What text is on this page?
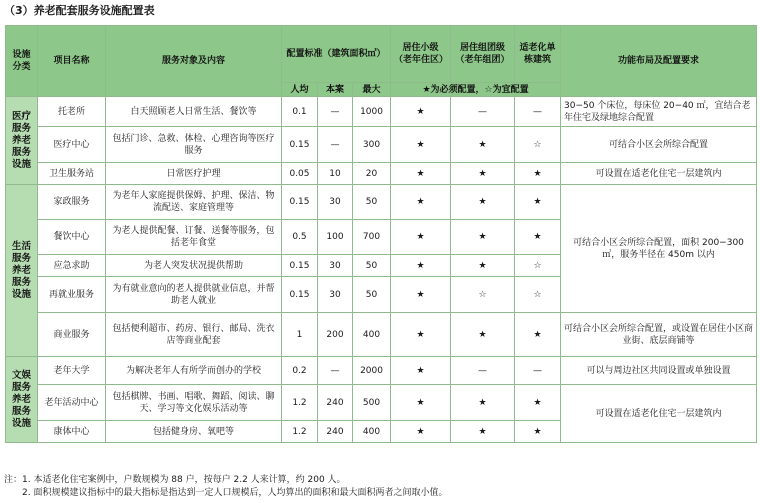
（3）养老配套服务设施配置表
设施分类	项目名称	服务对象及内容	配置标准（建筑面积㎡）			居住小级（老年住区）	居住组团级（老年组团）	适老化单栋建筑	功能布局及配置要求
			人均	本案	最大	★为必须配置，☆为宜配置			
医疗服务养老服务设施	托老所	白天照顾老人日常生活、餐饮等	0.1	—	1000	★	—	—	30−50 个床位，每床位 20−40 ㎡，宜结合老年住宅及绿地综合配置
	医疗中心	包括门诊、急救、体检、心理咨询等医疗服务	0.15	—	300	★	★	☆	可结合小区会所综合配置
	卫生服务站	日常医疗护理	0.05	10	20	★	★	★	可设置在适老化住宅一层建筑内
生活服务养老服务设施	家政服务	为老年人家庭提供保姆、护理、保洁、物流配送、家庭管理等	0.15	30	50	★	★	★	可结合小区会所综合配置，面积 200−300 ㎡，服务半径在 450m 以内
	餐饮中心	为老人提供配餐、订餐、送餐等服务，包括老年食堂	0.5	100	700	★	★	★	
	应急求助	为老人突发状况提供帮助	0.15	30	50	★	★	☆	
	再就业服务	为有就业意向的老人提供就业信息，并帮助老人就业	0.15	30	50	★	☆	☆	
	商业服务	包括便利超市、药房、银行、邮局、洗衣店等商业配套	1	200	400	★	★	★	可结合小区会所综合配置，或设置在居住小区商业街、底层商铺等
文娱服务养老服务设施	老年大学	为解决老年人有所学而创办的学校	0.2	—	2000	★	—	—	可以与周边社区共同设置或单独设置
	老年活动中心	包括棋牌、书画、唱歌、舞蹈、阅读、聊天、学习等文化娱乐活动等	1.2	240	500	★	★	★	可设置在适老化住宅一层建筑内
	康体中心	包括健身房、氧吧等	1.2	240	400	★	★	★	
注：1. 本适老化住宅案例中，户数规模为 88 户，按每户 2.2 人来计算，约 200 人。
　　2. 面积规模建议指标中的最大指标是指达到一定人口规模后，人均算出的面积和最大面积两者之间取小值。
